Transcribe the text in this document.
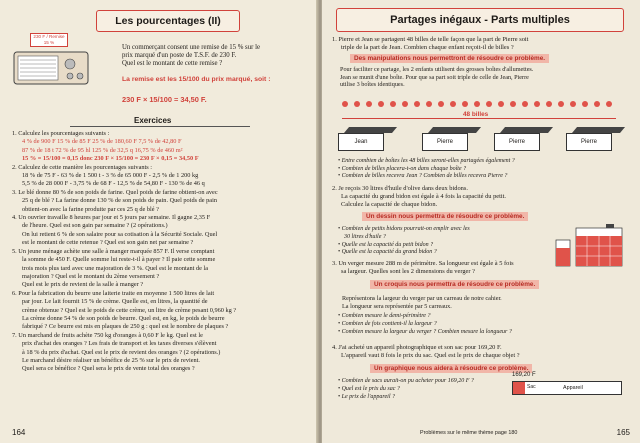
Les pourcentages (II)
230 F / Remise 15 %
Un commerçant consent une remise de 15 % sur le
prix marqué d'un poste de T.S.F. de 230 F.
Quel est le montant de cette remise ?
La remise est les 15/100 du prix marqué, soit :
230 F × 15/100 = 34,50 F.
Exercices
1. Calculez les pourcentages suivants :
4 % de 900 F 15 % de 85 F 25 % de 180,60 F 7,5 % de 42,80 F
87 % de 18 t 72 % de 95 hl 125 % de 32,5 q 16,75 % de 460 m²
15 % = 15/100 = 0,15 donc 230 F × 15/100 = 230 F × 0,15 = 34,50 F
2. Calculez de cette manière les pourcentages suivants :
18 % de 75 F - 63 % de 1 500 t - 3 % de 65 000 F - 2,5 % de 1 200 kg
5,5 % de 28 000 F - 3,75 % de 68 F - 12,5 % de 54,80 F - 130 % de 46 q
3. Le blé donne 80 % de son poids de farine. Quel poids de farine obtient-on avec
25 q de blé ? La farine donne 130 % de son poids de pain. Quel poids de pain
obtient-on avec la farine produite par ces 25 q de blé ?
4. Un ouvrier travaille 8 heures par jour et 5 jours par semaine. Il gagne 2,35 F
de l'heure. Quel est son gain par semaine ? (2 opérations.)
On lui retient 6 % de son salaire pour sa cotisation à la Sécurité Sociale. Quel
est le montant de cette retenue ? Quel est son gain net par semaine ?
5. Un jeune ménage achète une salle à manger marquée 857 F. Il verse comptant
la somme de 450 F. Quelle somme lui reste-t-il à payer ? Il paie cette somme
trois mois plus tard avec une majoration de 3 %. Quel est le montant de la
majoration ? Quel est le montant du 2ème versement ?
Quel est le prix de revient de la salle à manger ?
6. Pour la fabrication du beurre une laiterie traite en moyenne 1 500 litres de lait
par jour. Le lait fournit 15 % de crème. Quelle est, en litres, la quantité de
crème obtenue ? Quel est le poids de cette crème, un litre de crème pesant 0,960 kg ?
La crème donne 54 % de son poids de beurre. Quel est, en kg, le poids de beurre
fabriqué ? Ce beurre est mis en plaques de 250 g : quel est le nombre de plaques ?
7. Un marchand de fruits achète 750 kg d'oranges à 0,60 F le kg. Quel est le
prix d'achat des oranges ? Les frais de transport et les taxes diverses s'élèvent
à 18 % du prix d'achat. Quel est le prix de revient des oranges ? (2 opérations.)
Le marchand désire réaliser un bénéfice de 25 % sur le prix de revient.
Quel sera ce bénéfice ? Quel sera le prix de vente total des oranges ?
164
Partages inégaux - Parts multiples
1. Pierre et Jean se partagent 48 billes de telle façon que la part de Pierre soit
triple de la part de Jean. Combien chaque enfant reçoit-il de billes ?
Des manipulations nous permettront de résoudre ce problème.
Pour faciliter ce partage, les 2 enfants utilisent des grosses boîtes d'allumettes.
Jean se munit d'une boîte. Pour que sa part soit triple de celle de Jean, Pierre
utilise 3 boîtes identiques.
48 billes
Jean	Pierre	Pierre	Pierre
• Entre combien de boîtes les 48 billes seront-elles partagées également ?
• Combien de billes placera-t-on dans chaque boîte ?
• Combien de billes recevra Jean ? Combien de billes recevra Pierre ?
2. Je reçois 30 litres d'huile d'olive dans deux bidons.
La capacité du grand bidon est égale à 4 fois la capacité du petit.
Calculez la capacité de chaque bidon.
Un dessin nous permettra de résoudre ce problème.
• Combien de petits bidons pourrait-on emplir avec les
30 litres d'huile ?
• Quelle est la capacité du petit bidon ?
• Quelle est la capacité du grand bidon ?
3. Un verger mesure 288 m de périmètre. Sa longueur est égale à 5 fois
sa largeur. Quelles sont les 2 dimensions du verger ?
Un croquis nous permettra de résoudre ce problème.
Représentons la largeur du verger par un carreau de notre cahier.
La longueur sera représentée par 5 carreaux.
• Combien mesure le demi-périmètre ?
• Combien de fois contient-il la largeur ?
• Combien mesure la largeur du verger ? Combien mesure la longueur ?
4. J'ai acheté un appareil photographique et son sac pour 169,20 F.
L'appareil vaut 8 fois le prix du sac. Quel est le prix de chaque objet ?
Un graphique nous aidera à résoudre ce problème.
• Combien de sacs aurait-on pu acheter pour 169,20 F ?
• Quel est le prix du sac ?
• Le prix de l'appareil ?
169,20 F
Sac	Appareil
Problèmes sur le même thème page 180	165
